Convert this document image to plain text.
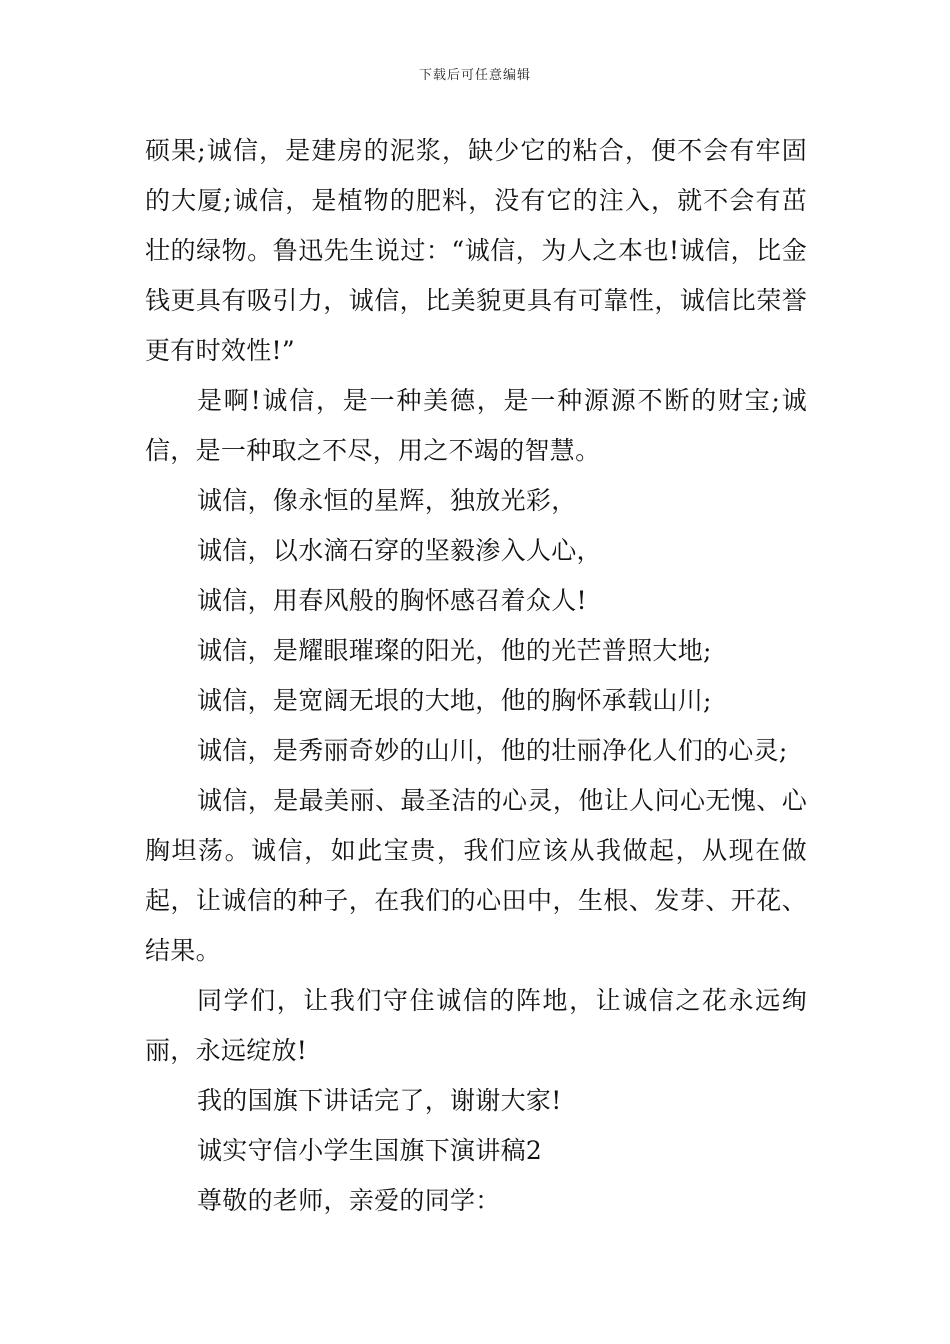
下载后可任意编辑

硕果;诚信，是建房的泥浆，缺少它的粘合，便不会有牢固的大厦;诚信，是植物的肥料，没有它的注入，就不会有茁壮的绿物。鲁迅先生说过：“诚信，为人之本也!诚信，比金钱更具有吸引力，诚信，比美貌更具有可靠性，诚信比荣誉更有时效性!”

是啊!诚信，是一种美德，是一种源源不断的财宝;诚信，是一种取之不尽，用之不竭的智慧。

诚信，像永恒的星辉，独放光彩，

诚信，以水滴石穿的坚毅渗入人心，

诚信，用春风般的胸怀感召着众人!

诚信，是耀眼璀璨的阳光，他的光芒普照大地;

诚信，是宽阔无垠的大地，他的胸怀承载山川;

诚信，是秀丽奇妙的山川，他的壮丽净化人们的心灵;

诚信，是最美丽、最圣洁的心灵，他让人问心无愧、心胸坦荡。诚信，如此宝贵，我们应该从我做起，从现在做起，让诚信的种子，在我们的心田中，生根、发芽、开花、结果。

同学们，让我们守住诚信的阵地，让诚信之花永远绚丽，永远绽放!

我的国旗下讲话完了，谢谢大家!

诚实守信小学生国旗下演讲稿2

尊敬的老师，亲爱的同学：
